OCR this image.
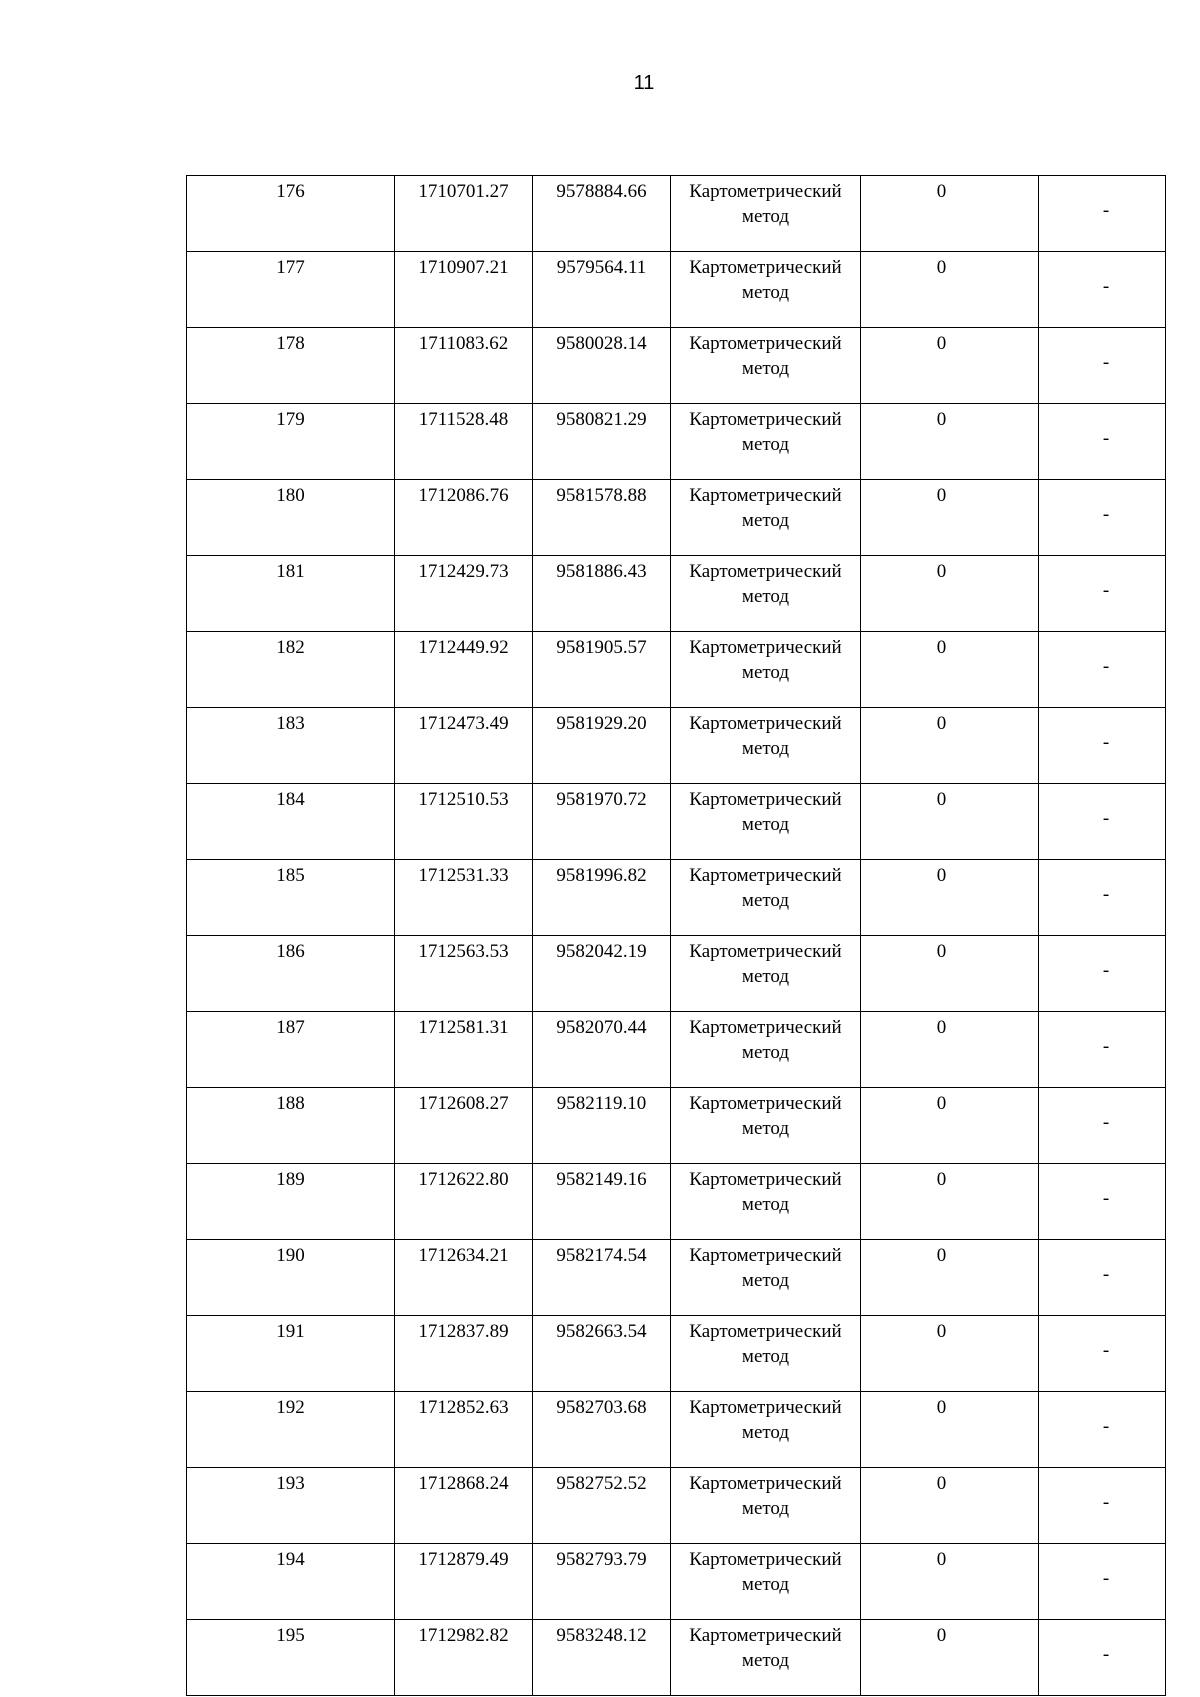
11
176	1710701.27	9578884.66	Картометрический
метод	0	-
177	1710907.21	9579564.11	Картометрический
метод	0	-
178	1711083.62	9580028.14	Картометрический
метод	0	-
179	1711528.48	9580821.29	Картометрический
метод	0	-
180	1712086.76	9581578.88	Картометрический
метод	0	-
181	1712429.73	9581886.43	Картометрический
метод	0	-
182	1712449.92	9581905.57	Картометрический
метод	0	-
183	1712473.49	9581929.20	Картометрический
метод	0	-
184	1712510.53	9581970.72	Картометрический
метод	0	-
185	1712531.33	9581996.82	Картометрический
метод	0	-
186	1712563.53	9582042.19	Картометрический
метод	0	-
187	1712581.31	9582070.44	Картометрический
метод	0	-
188	1712608.27	9582119.10	Картометрический
метод	0	-
189	1712622.80	9582149.16	Картометрический
метод	0	-
190	1712634.21	9582174.54	Картометрический
метод	0	-
191	1712837.89	9582663.54	Картометрический
метод	0	-
192	1712852.63	9582703.68	Картометрический
метод	0	-
193	1712868.24	9582752.52	Картометрический
метод	0	-
194	1712879.49	9582793.79	Картометрический
метод	0	-
195	1712982.82	9583248.12	Картометрический
метод	0	-
